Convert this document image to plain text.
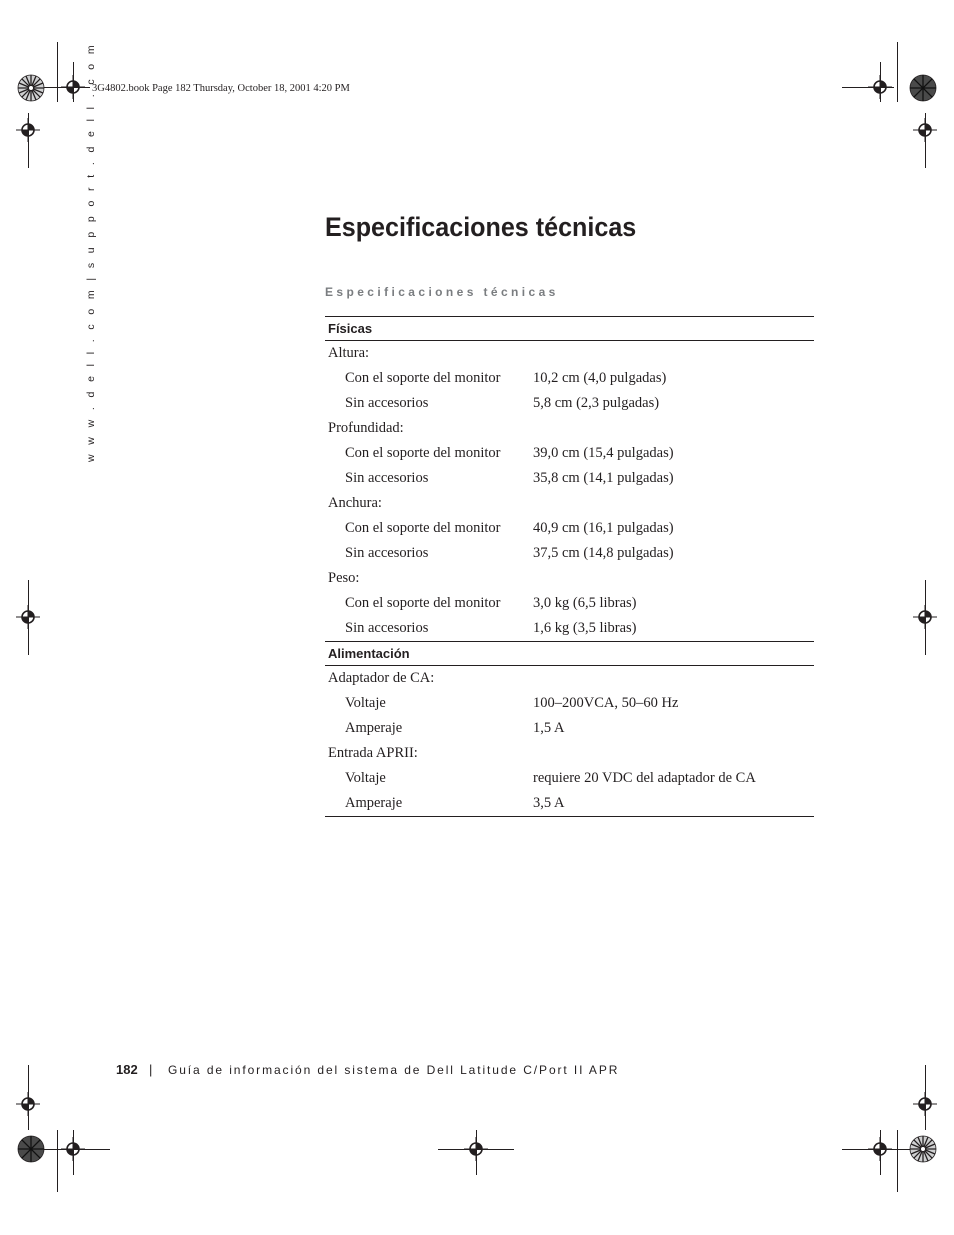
3G4802.book Page 182 Thursday, October 18, 2001 4:20 PM
w w w . d e l l . c o m | s u p p o r t . d e l l . c o m	Especificaciones técnicas
Especificaciones técnicas
Físicas
Altura:
Con el soporte del monitor 10,2 cm (4,0 pulgadas)
Sin accesorios	5,8 cm (2,3 pulgadas)
Profundidad:
Con el soporte del monitor 39,0 cm (15,4 pulgadas)
Sin accesorios	35,8 cm (14,1 pulgadas)
Anchura:
Con el soporte del monitor 40,9 cm (16,1 pulgadas)
Sin accesorios	37,5 cm (14,8 pulgadas)
Peso:
Con el soporte del monitor 3,0 kg (6,5 libras)
Sin accesorios	1,6 kg (3,5 libras)
Alimentación
Adaptador de CA:
Voltaje	100–200VCA, 50–60 Hz
Amperaje	1,5 A
Entrada APRII:
Voltaje	requiere 20 VDC del adaptador de CA
Amperaje	3,5 A
182 | Guía de información del sistema de Dell Latitude C/Port II APR
